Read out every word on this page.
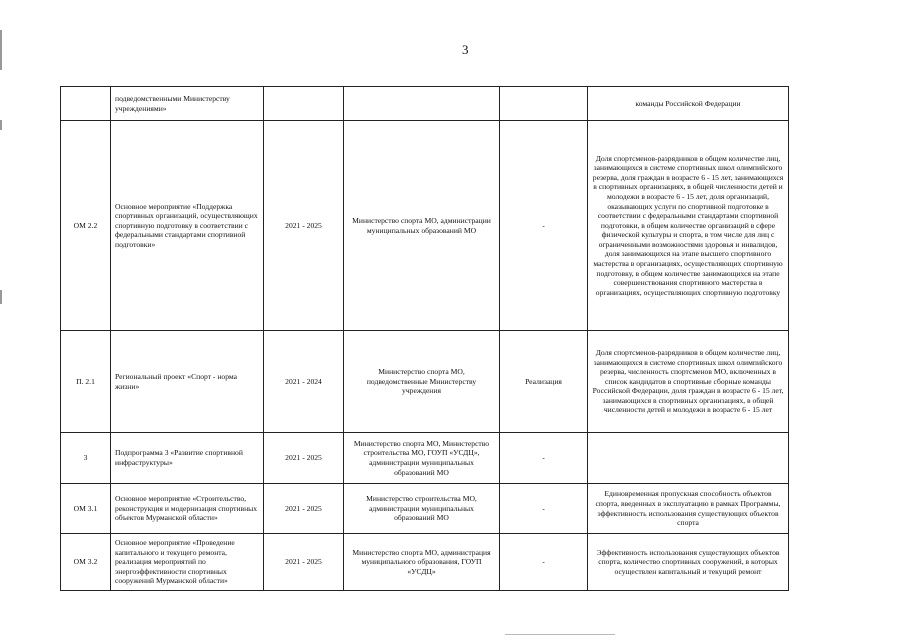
3
	подведомственными Министерству учреждениями»				команды Российской Федерации
ОМ 2.2	Основное мероприятие «Поддержка спортивных организаций, осуществляющих спортивную подготовку в соответствии с федеральными стандартами спортивной подготовки»	2021 - 2025	Министерство спорта МО, администрации муниципальных образований МО	-	Доля спортсменов-разрядников в общем количестве лиц, занимающихся в системе спортивных школ олимпийского резерва, доля граждан в возрасте 6 - 15 лет, занимающихся в спортивных организациях, в общей численности детей и молодежи в возрасте 6 - 15 лет, доля организаций, оказывающих услуги по спортивной подготовке в соответствии с федеральными стандартами спортивной подготовки, в общем количестве организаций в сфере физической культуры и спорта, в том числе для лиц с ограниченными возможностями здоровья и инвалидов, доля занимающихся на этапе высшего спортивного мастерства в организациях, осуществляющих спортивную подготовку, в общем количестве занимающихся на этапе совершенствования спортивного мастерства в организациях, осуществляющих спортивную подготовку
П. 2.1	Региональный проект «Спорт - норма жизни»	2021 - 2024	Министерство спорта МО, подведомственные Министерству учреждения	Реализация	Доля спортсменов-разрядников в общем количестве лиц, занимающихся в системе спортивных школ олимпийского резерва, численность спортсменов МО, включенных в список кандидатов в спортивные сборные команды Российской Федерации, доля граждан в возрасте 6 - 15 лет, занимающихся в спортивных организациях, в общей численности детей и молодежи в возрасте 6 - 15 лет
3	Подпрограмма 3 «Развитие спортивной инфраструктуры»	2021 - 2025	Министерство спорта МО, Министерство строительства МО, ГОУП «УСДЦ», администрации муниципальных образований МО	-	
ОМ 3.1	Основное мероприятие «Строительство, реконструкция и модернизация спортивных объектов Мурманской области»	2021 - 2025	Министерство строительства МО, администрации муниципальных образований МО	-	Единовременная пропускная способность объектов спорта, введенных в эксплуатацию в рамках Программы, эффективность использования существующих объектов спорта
ОМ 3.2	Основное мероприятие «Проведение капитального и текущего ремонта, реализация мероприятий по энергоэффективности спортивных сооружений Мурманской области»	2021 - 2025	Министерство спорта МО, администрация муниципального образования, ГОУП «УСДЦ»	-	Эффективность использования существующих объектов спорта, количество спортивных сооружений, в которых осуществлен капитальный и текущий ремонт
